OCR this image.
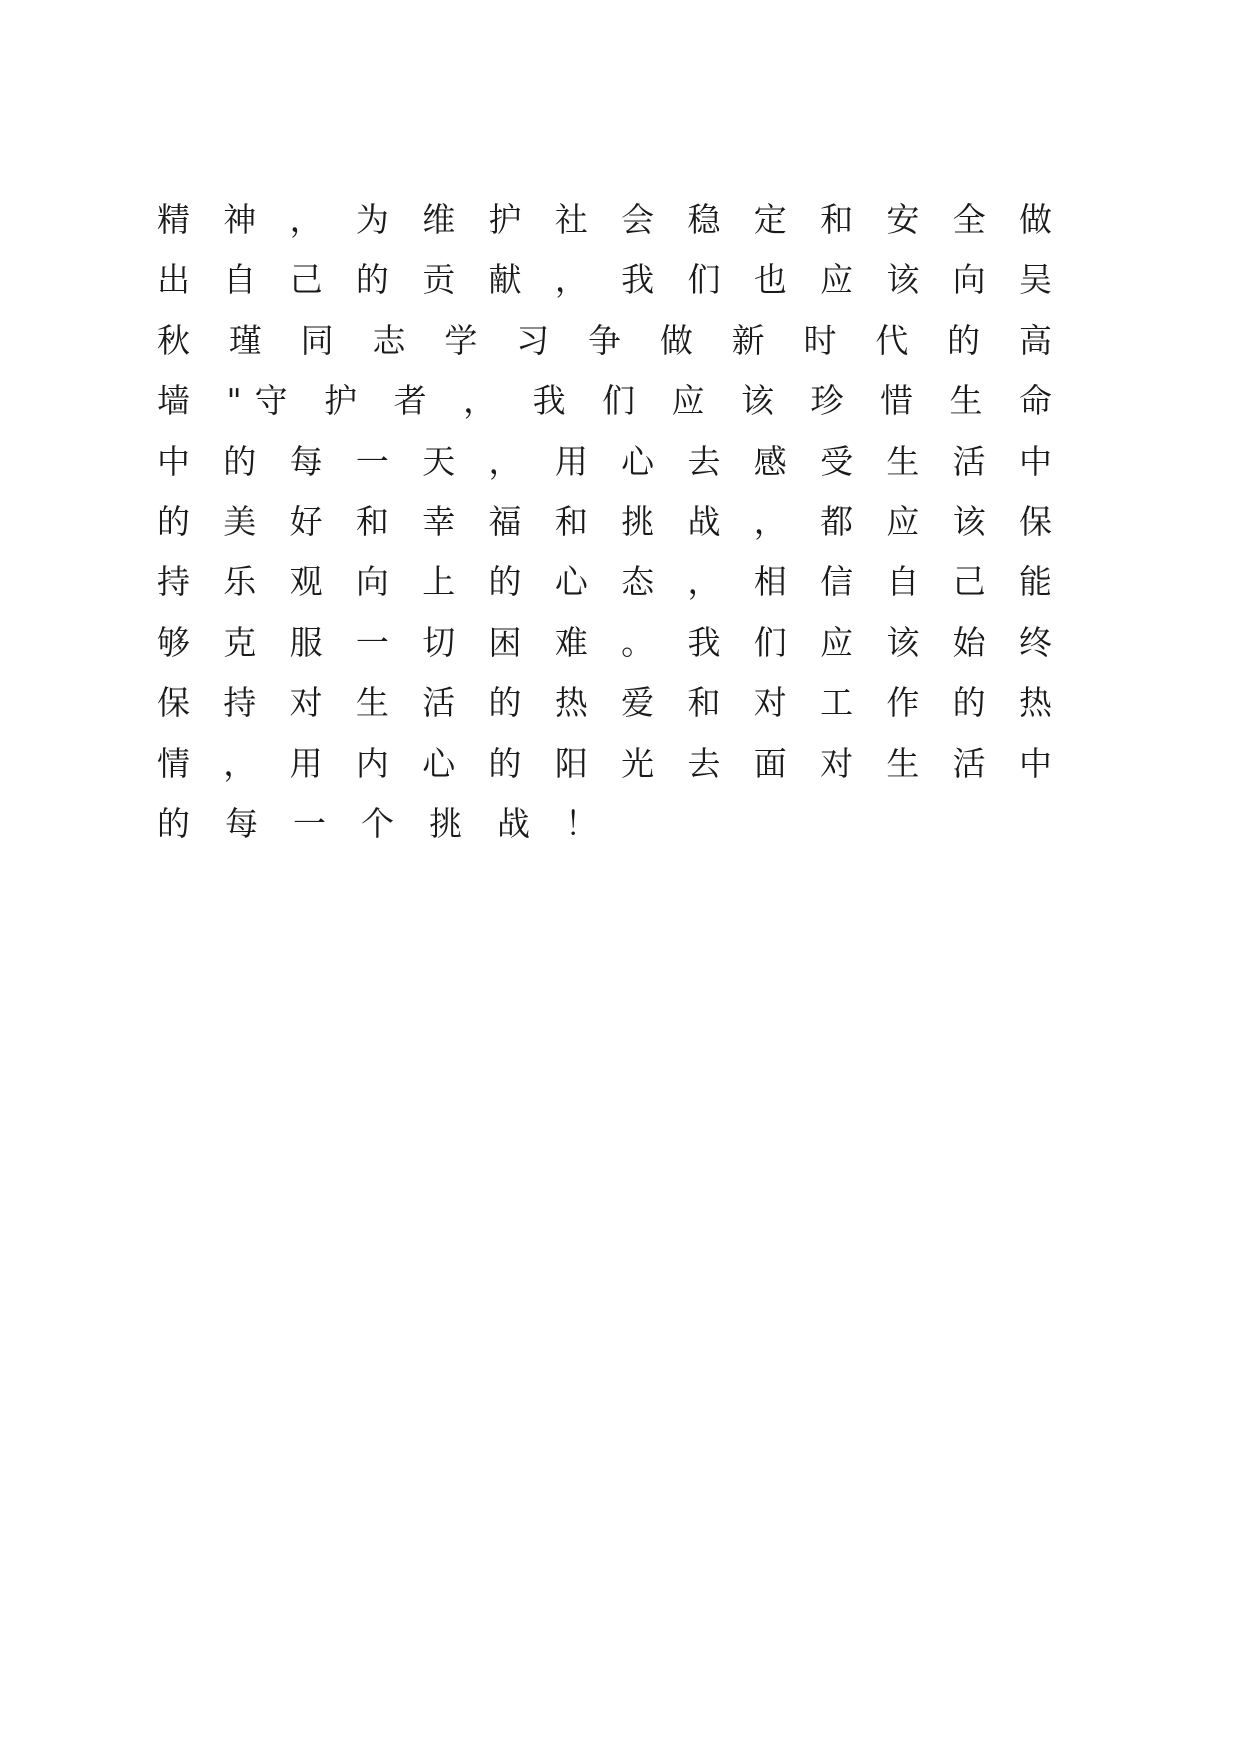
精 神 ， 为 维 护 社 会 稳 定 和 安 全 做
出 自 己 的 贡 献 ， 我 们 也 应 该 向 吴
秋 瑾 同 志 学 习 争 做 新 时 代 的 高
墙 "守 护 者 ， 我 们 应 该 珍 惜 生 命
中 的 每 一 天 ， 用 心 去 感 受 生 活 中
的 美 好 和 幸 福 和 挑 战 ， 都 应 该 保
持 乐 观 向 上 的 心 态 ， 相 信 自 己 能
够 克 服 一 切 困 难 。 我 们 应 该 始 终
保 持 对 生 活 的 热 爱 和 对 工 作 的 热
情 ， 用 内 心 的 阳 光 去 面 对 生 活 中
的每一个挑战！
